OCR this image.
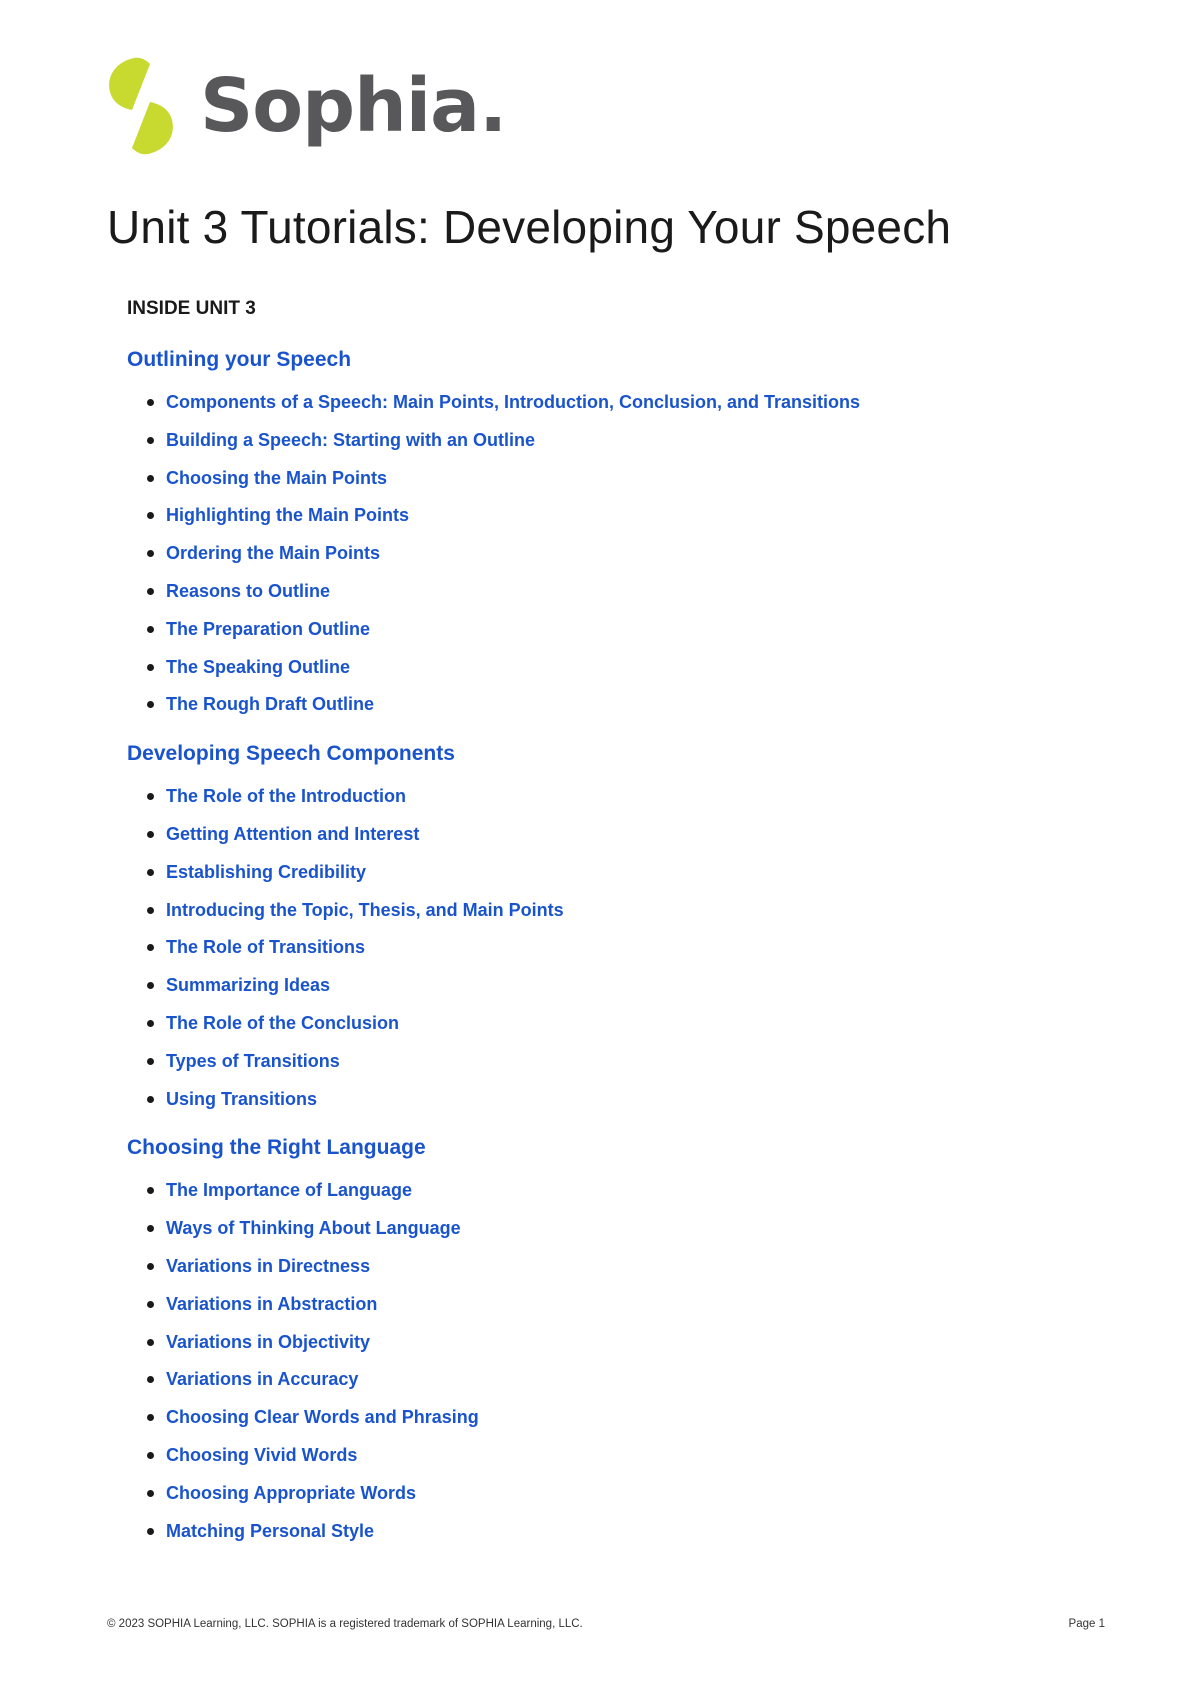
Sophia.
Unit 3 Tutorials: Developing Your Speech
INSIDE UNIT 3
Outlining your Speech
Components of a Speech: Main Points, Introduction, Conclusion, and Transitions
Building a Speech: Starting with an Outline
Choosing the Main Points
Highlighting the Main Points
Ordering the Main Points
Reasons to Outline
The Preparation Outline
The Speaking Outline
The Rough Draft Outline
Developing Speech Components
The Role of the Introduction
Getting Attention and Interest
Establishing Credibility
Introducing the Topic, Thesis, and Main Points
The Role of Transitions
Summarizing Ideas
The Role of the Conclusion
Types of Transitions
Using Transitions
Choosing the Right Language
The Importance of Language
Ways of Thinking About Language
Variations in Directness
Variations in Abstraction
Variations in Objectivity
Variations in Accuracy
Choosing Clear Words and Phrasing
Choosing Vivid Words
Choosing Appropriate Words
Matching Personal Style
© 2023 SOPHIA Learning, LLC. SOPHIA is a registered trademark of SOPHIA Learning, LLC.	Page 1
